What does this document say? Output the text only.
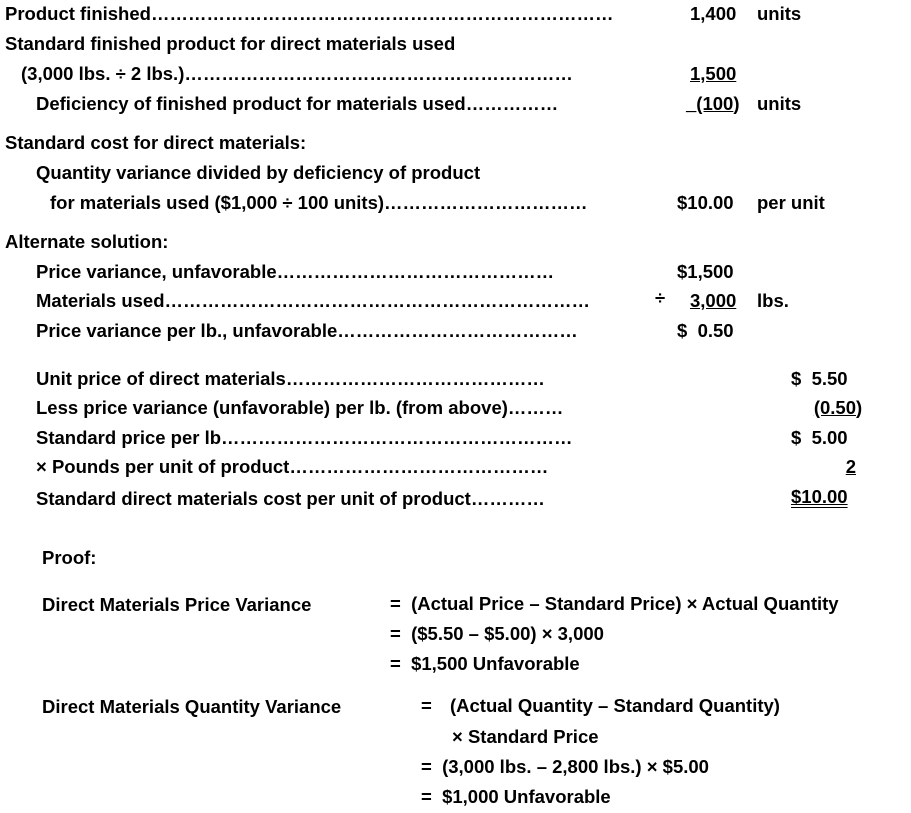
Product finished…………………………………………………………………	1,400 units
Standard finished product for direct materials used
(3,000 lbs. ÷ 2 lbs.)………………………………………………………	1,500
Deficiency of finished product for materials used……………	_(100) units
Standard cost for direct materials:
Quantity variance divided by deficiency of product
for materials used ($1,000 ÷ 100 units)……………………………	$10.00 per unit
Alternate solution:
Price variance, unfavorable………………………………………	$1,500
Materials used……………………………………………………………	÷ 3,000 lbs.
Price variance per lb., unfavorable…………………………………	$  0.50
Unit price of direct materials……………………………………	$  5.50
Less price variance (unfavorable) per lb. (from above)………	(0.50)
Standard price per lb…………………………………………………	$  5.00
× Pounds per unit of product……………………………………	2
Standard direct materials cost per unit of product…………	$10.00
Proof:
Direct Materials Price Variance	=  (Actual Price – Standard Price) × Actual Quantity
=  ($5.50 – $5.00) × 3,000
=  $1,500 Unfavorable
Direct Materials Quantity Variance	= (Actual Quantity – Standard Quantity)
× Standard Price
=  (3,000 lbs. – 2,800 lbs.) × $5.00
=  $1,000 Unfavorable
